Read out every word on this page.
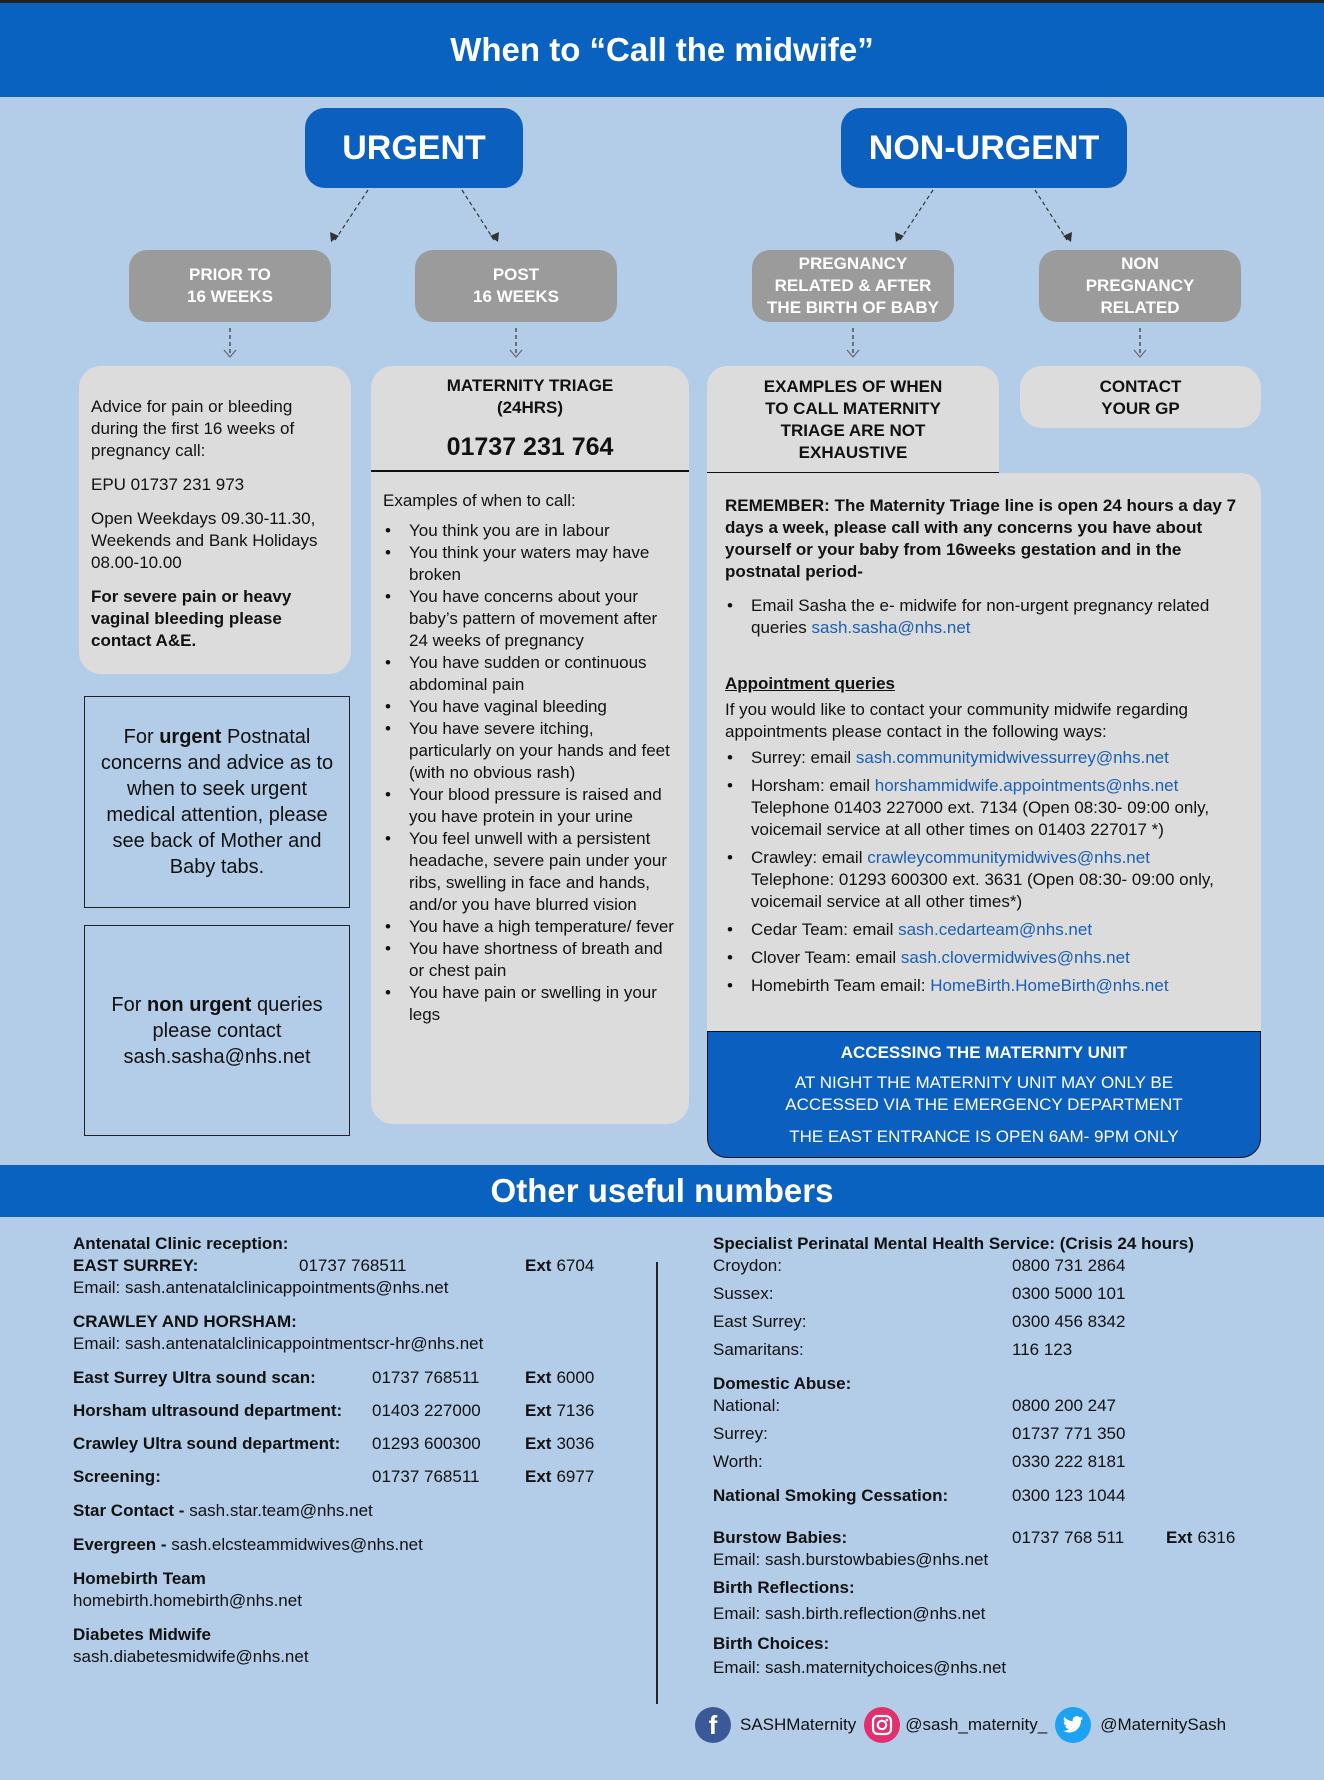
When to “Call the midwife”
URGENT	NON-URGENT
PRIOR TO
16 WEEKS
POST
16 WEEKS
PREGNANCY
RELATED & AFTER
THE BIRTH OF BABY
NON
PREGNANCY
RELATED

Advice for pain or bleeding during the first 16 weeks of pregnancy call:

EPU 01737 231 973

Open Weekdays 09.30-11.30, Weekends and Bank Holidays 08.00-10.00

For severe pain or heavy vaginal bleeding please contact A&E.

For urgent Postnatal concerns and advice as to when to seek urgent medical attention, please see back of Mother and Baby tabs.

For non urgent queries please contact sash.sasha@nhs.net

MATERNITY TRIAGE
(24HRS)
01737 231 764

Examples of when to call:

• You think you are in labour
• You think your waters may have broken
• You have concerns about your baby’s pattern of movement after 24 weeks of pregnancy
• You have sudden or continuous abdominal pain
• You have vaginal bleeding
• You have severe itching, particularly on your hands and feet (with no obvious rash)
• Your blood pressure is raised and you have protein in your urine
• You feel unwell with a persistent headache, severe pain under your ribs, swelling in face and hands, and/or you have blurred vision
• You have a high temperature/ fever
• You have shortness of breath and or chest pain
• You have pain or swelling in your legs
EXAMPLES OF WHEN
TO CALL MATERNITY
TRIAGE ARE NOT
EXHAUSTIVE
CONTACT
YOUR GP

REMEMBER: The Maternity Triage line is open 24 hours a day 7 days a week, please call with any concerns you have about yourself or your baby from 16weeks gestation and in the postnatal period-

• Email Sasha the e- midwife for non-urgent pregnancy related queries sash.sasha@nhs.net

Appointment queries

If you would like to contact your community midwife regarding appointments please contact in the following ways:

• Surrey: email sash.communitymidwivessurrey@nhs.net
• Horsham: email horshammidwife.appointments@nhs.net
Telephone 01403 227000 ext. 7134 (Open 08:30- 09:00 only, voicemail service at all other times on 01403 227017 *)
• Crawley: email crawleycommunitymidwives@nhs.net
Telephone: 01293 600300 ext. 3631 (Open 08:30- 09:00 only, voicemail service at all other times*)
• Cedar Team: email sash.cedarteam@nhs.net
• Clover Team: email sash.clovermidwives@nhs.net
• Homebirth Team email: HomeBirth.HomeBirth@nhs.net
ACCESSING THE MATERNITY UNIT
AT NIGHT THE MATERNITY UNIT MAY ONLY BE
ACCESSED VIA THE EMERGENCY DEPARTMENT
THE EAST ENTRANCE IS OPEN 6AM- 9PM ONLY
Other useful numbers
Antenatal Clinic reception:
EAST SURREY:	01737 768511	Ext 6704
Email: sash.antenatalclinicappointments@nhs.net
CRAWLEY AND HORSHAM:
Email: sash.antenatalclinicappointmentscr-hr@nhs.net
East Surrey Ultra sound scan:	01737 768511	Ext 6000
Horsham ultrasound department:	01403 227000	Ext 7136
Crawley Ultra sound department:	01293 600300	Ext 3036
Screening:	01737 768511	Ext 6977
Star Contact - sash.star.team@nhs.net
Evergreen - sash.elcsteammidwives@nhs.net
Homebirth Team
homebirth.homebirth@nhs.net
Diabetes Midwife
sash.diabetesmidwife@nhs.net
Specialist Perinatal Mental Health Service: (Crisis 24 hours)
Croydon:	0800 731 2864
Sussex:	0300 5000 101
East Surrey:	0300 456 8342
Samaritans:	116 123
Domestic Abuse:
National:	0800 200 247
Surrey:	01737 771 350
Worth:	0330 222 8181
National Smoking Cessation:	0300 123 1044
Burstow Babies:	01737 768 511	Ext 6316
Email: sash.burstowbabies@nhs.net
Birth Reflections:
Email: sash.birth.reflection@nhs.net
Birth Choices:
Email: sash.maternitychoices@nhs.net
f	SASHMaternity	@sash_maternity_	@MaternitySash
